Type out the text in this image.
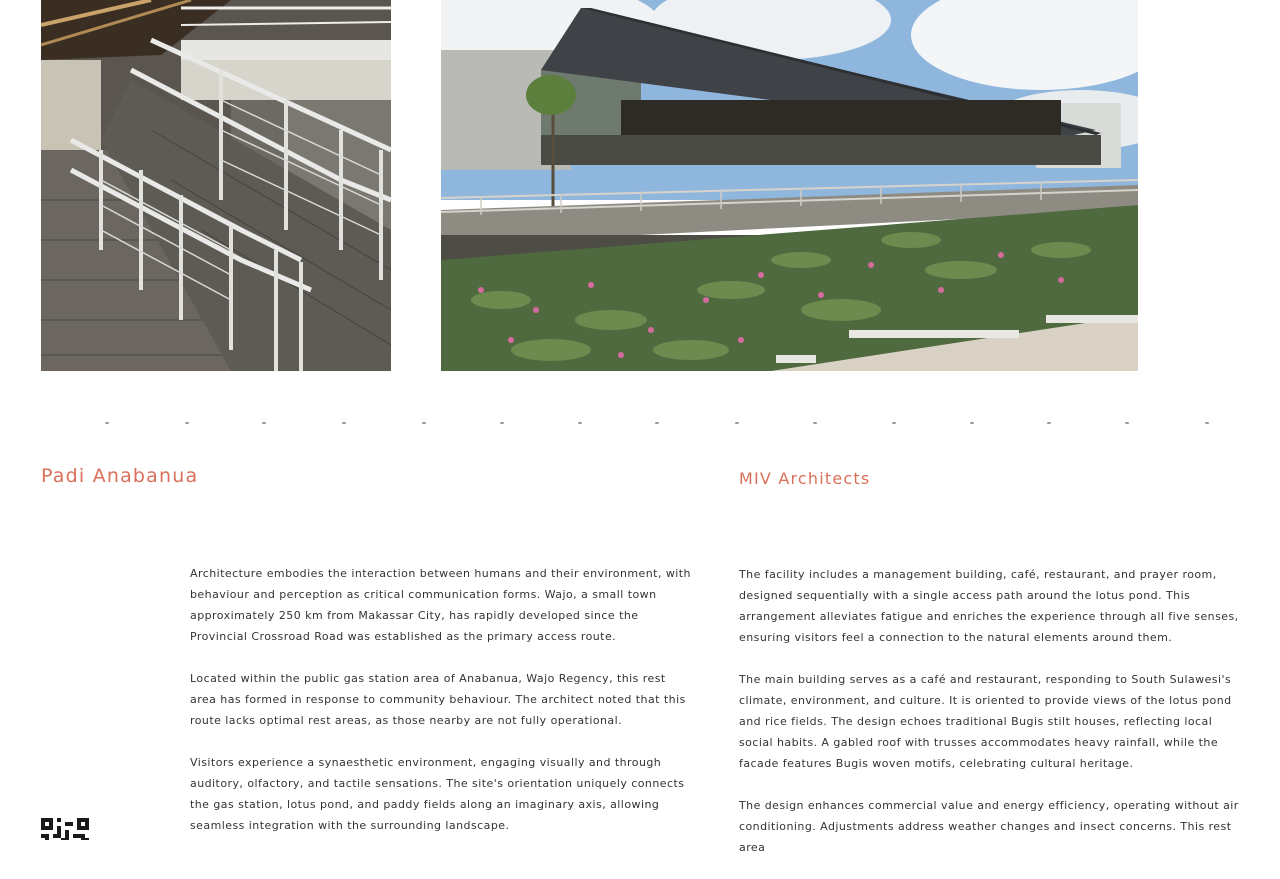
Padi Anabanua	MIV Architects

Architecture embodies the interaction between humans and their environment, with behaviour and perception as critical communication forms. Wajo, a small town approximately 250 km from Makassar City, has rapidly developed since the Provincial Crossroad Road was established as the primary access route.

Located within the public gas station area of Anabanua, Wajo Regency, this rest area has formed in response to community behaviour. The architect noted that this route lacks optimal rest areas, as those nearby are not fully operational.

Visitors experience a synaesthetic environment, engaging visually and through auditory, olfactory, and tactile sensations. The site's orientation uniquely connects the gas station, lotus pond, and paddy fields along an imaginary axis, allowing seamless integration with the surrounding landscape.

The facility includes a management building, café, restaurant, and prayer room, designed sequentially with a single access path around the lotus pond. This arrangement alleviates fatigue and enriches the experience through all five senses, ensuring visitors feel a connection to the natural elements around them.

The main building serves as a café and restaurant, responding to South Sulawesi's climate, environment, and culture. It is oriented to provide views of the lotus pond and rice fields. The design echoes traditional Bugis stilt houses, reflecting local social habits. A gabled roof with trusses accommodates heavy rainfall, while the facade features Bugis woven motifs, celebrating cultural heritage.

The design enhances commercial value and energy efficiency, operating without air conditioning. Adjustments address weather changes and insect concerns. This rest area
